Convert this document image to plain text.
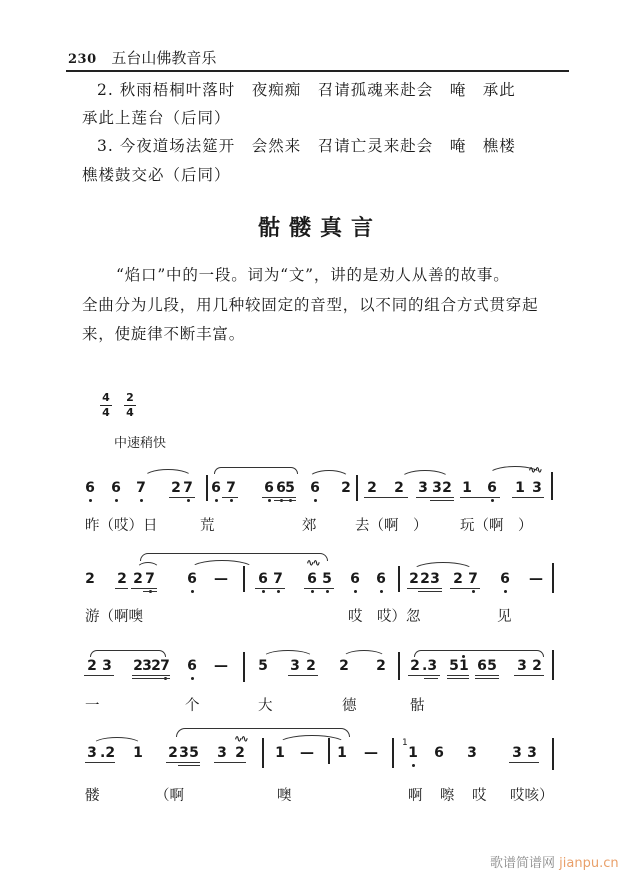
230 五台山佛教音乐
2. 秋雨梧桐叶落时　夜痴痴　召请孤魂来赴会　唵　承此
承此上莲台（后同）
3. 今夜道场法筵开　会然来　召请亡灵来赴会　唵　樵楼
樵楼鼓交必（后同）
骷髅真言
“焰口”中的一段。词为“文”，讲的是劝人从善的故事。
全曲分为儿段，用几种较固定的音型，以不同的组合方式贯穿起
来，使旋律不断丰富。
4
4
2
4
中速稍快
6 6 7 2 7 6 7 6 6 5 6 2 2 2 3 3 2 1 6 1 3
∿∿
昨（哎）日	荒	郊	去（啊　） 玩（啊　）
2 2 2 7 6 — 6 7 6 5
∿∿
6 6 2 2 3 2 7 6 —
游（啊噢	哎　哎）忽	见
2 3 2 3 2 7 6 — 5 3 2 2 2 2 .3 5 1 6 5 3 2
一	个	大	德	骷
3 .2 1 2 3 5 3 2
∿∿
1 — 1 —
1
1 6 3	3 3
髅	（啊	噢	啊 嚓 哎 哎咳）
歌谱简谱网 jianpu.cn
